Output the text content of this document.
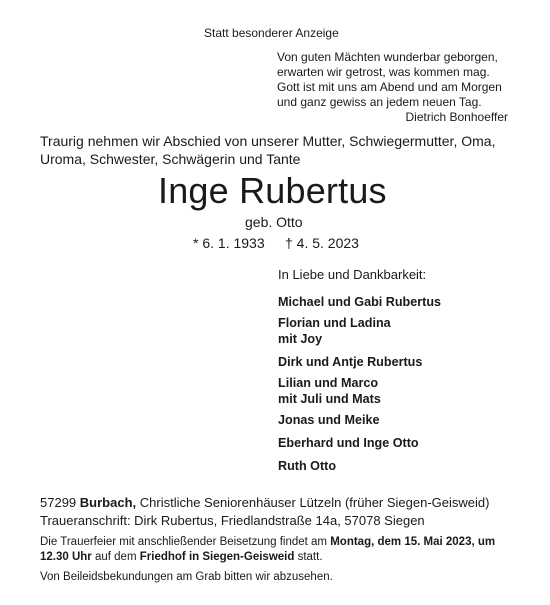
Statt besonderer Anzeige
Von guten Mächten wunderbar geborgen,
erwarten wir getrost, was kommen mag.
Gott ist mit uns am Abend und am Morgen
und ganz gewiss an jedem neuen Tag.
Dietrich Bonhoeffer
Traurig nehmen wir Abschied von unserer Mutter, Schwiegermutter, Oma,
Uroma, Schwester, Schwägerin und Tante
Inge Rubertus
geb. Otto
* 6. 1. 1933 † 4. 5. 2023
In Liebe und Dankbarkeit:
Michael und Gabi Rubertus
Florian und Ladina
mit Joy
Dirk und Antje Rubertus
Lilian und Marco
mit Juli und Mats
Jonas und Meike
Eberhard und Inge Otto
Ruth Otto
57299 Burbach, Christliche Seniorenhäuser Lützeln (früher Siegen-Geisweid)
Traueranschrift: Dirk Rubertus, Friedlandstraße 14a, 57078 Siegen
Die Trauerfeier mit anschließender Beisetzung findet am Montag, dem 15. Mai 2023, um
12.30 Uhr auf dem Friedhof in Siegen-Geisweid statt.
Von Beileidsbekundungen am Grab bitten wir abzusehen.
